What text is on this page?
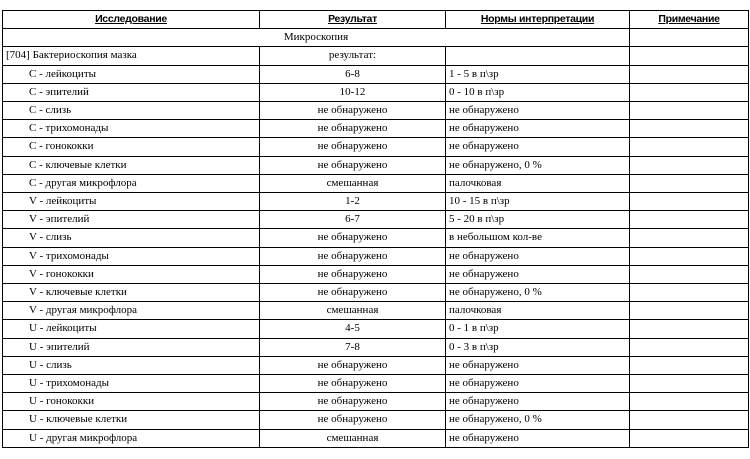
Исследование	Результат	Нормы интерпретации	Примечание
Микроскопия			
[704] Бактериоскопия мазка	результат:		
C - лейкоциты	6-8	1 - 5 в п\зр	
C - эпителий	10-12	0 - 10 в п\зр	
C - слизь	не обнаружено	не обнаружено	
C - трихомонады	не обнаружено	не обнаружено	
C - гонококки	не обнаружено	не обнаружено	
C - ключевые клетки	не обнаружено	не обнаружено, 0 %	
C - другая микрофлора	смешанная	палочковая	
V - лейкоциты	1-2	10 - 15 в п\зр	
V - эпителий	6-7	5 - 20 в п\зр	
V - слизь	не обнаружено	в небольшом кол-ве	
V - трихомонады	не обнаружено	не обнаружено	
V - гонококки	не обнаружено	не обнаружено	
V - ключевые клетки	не обнаружено	не обнаружено, 0 %	
V - другая микрофлора	смешанная	палочковая	
U - лейкоциты	4-5	0 - 1 в п\зр	
U - эпителий	7-8	0 - 3 в п\зр	
U - слизь	не обнаружено	не обнаружено	
U - трихомонады	не обнаружено	не обнаружено	
U - гонококки	не обнаружено	не обнаружено	
U - ключевые клетки	не обнаружено	не обнаружено, 0 %	
U - другая микрофлора	смешанная	не обнаружено	
